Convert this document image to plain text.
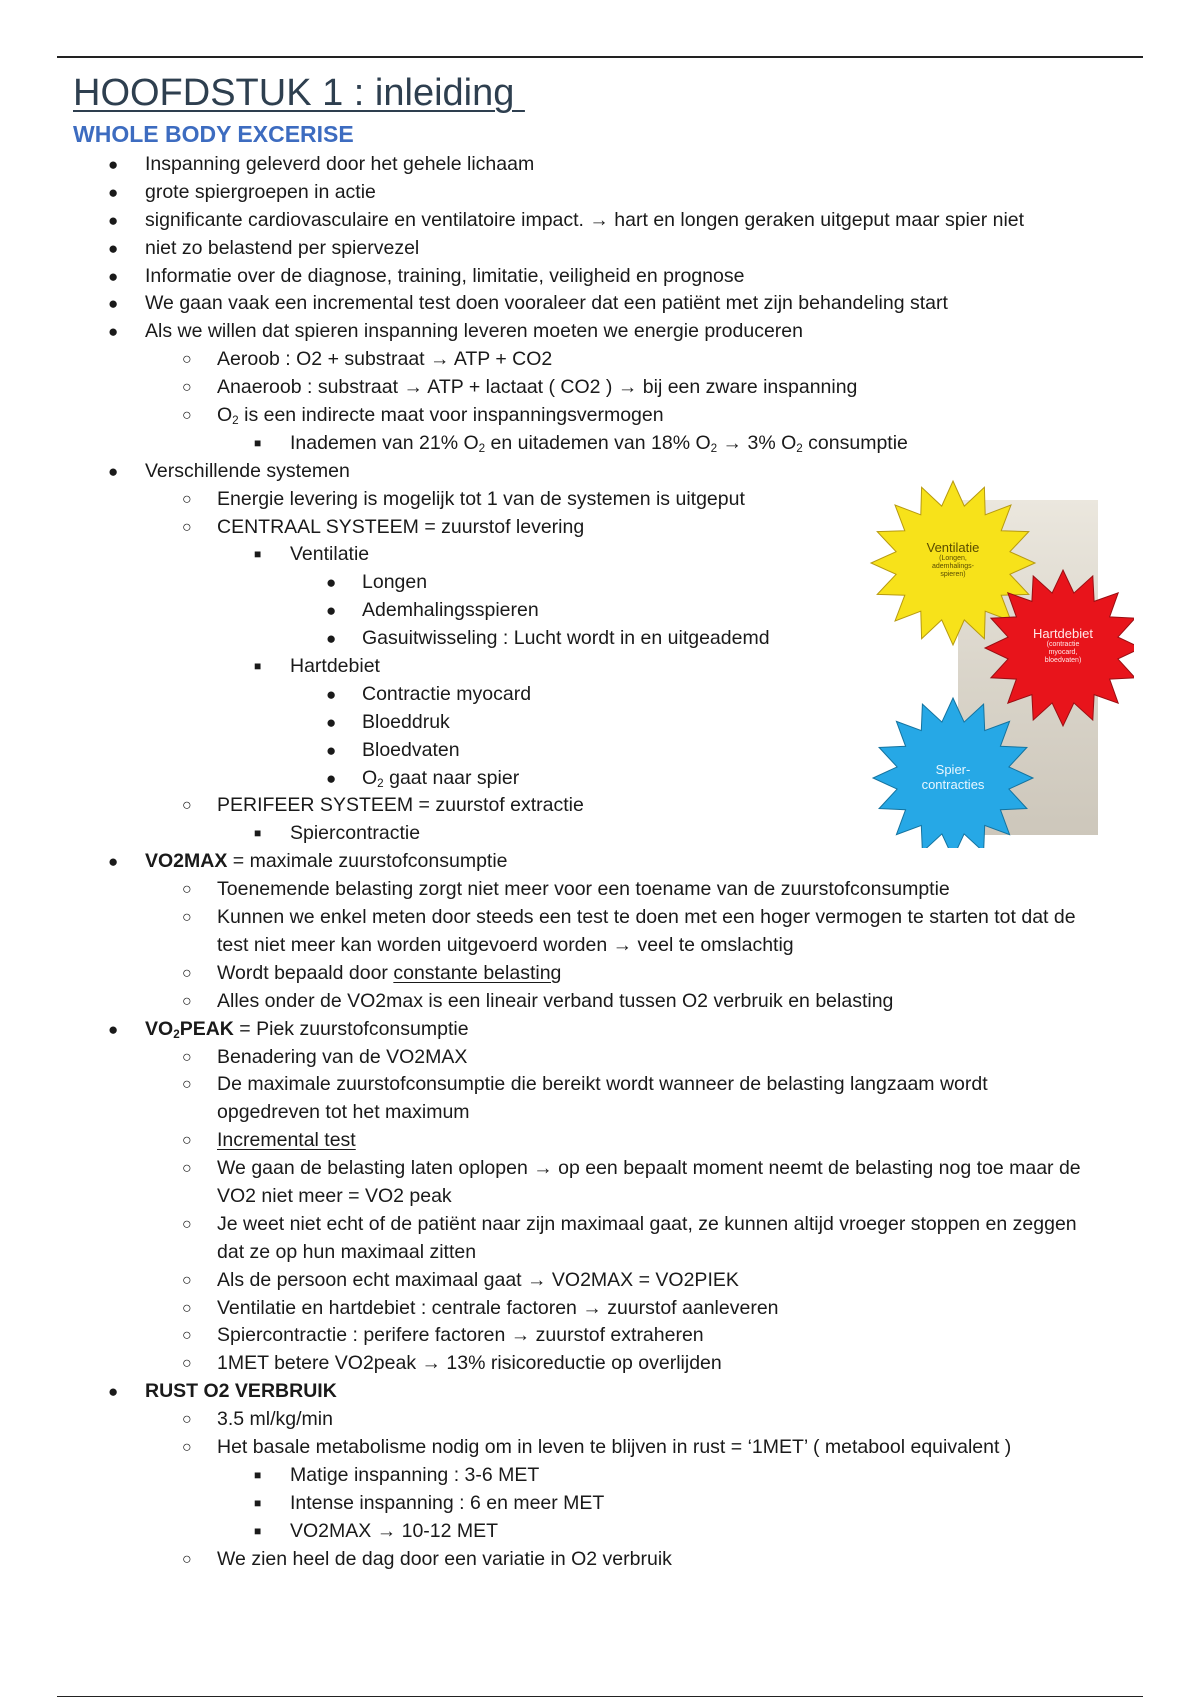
HOOFDSTUK 1 : inleiding
WHOLE BODY EXCERISE
● Inspanning geleverd door het gehele lichaam
● grote spiergroepen in actie
● significante cardiovasculaire en ventilatoire impact. → hart en longen geraken uitgeput maar spier niet
● niet zo belastend per spiervezel
● Informatie over de diagnose, training, limitatie, veiligheid en prognose
● We gaan vaak een incremental test doen vooraleer dat een patiënt met zijn behandeling start
● Als we willen dat spieren inspanning leveren moeten we energie produceren
○ Aeroob : O2 + substraat → ATP + CO2
○ Anaeroob : substraat → ATP + lactaat ( CO2 ) → bij een zware inspanning
○ $O_2$ is een indirecte maat voor inspanningsvermogen
■ Inademen van 21% $O_2$ en uitademen van 18% $O_2 \to 3\%$ $O_2$ consumptie
● Verschillende systemen
○ Energie levering is mogelijk tot 1 van de systemen is uitgeput
○ CENTRAAL SYSTEEM = zuurstof levering
■ Ventilatie
● Longen
● Ademhalingsspieren
● Gasuitwisseling : Lucht wordt in en uitgeademd
■ Hartdebiet
● Contractie myocard
● Bloeddruk
● Bloedvaten
● $O_2$ gaat naar spier
○ PERIFEER SYSTEEM = zuurstof extractie
■ Spiercontractie
● VO2MAX = maximale zuurstofconsumptie
○ Toenemende belasting zorgt niet meer voor een toename van de zuurstofconsumptie
○ Kunnen we enkel meten door steeds een test te doen met een hoger vermogen te starten tot dat de
test niet meer kan worden uitgevoerd worden → veel te omslachtig
○ Wordt bepaald door constante belasting
○ Alles onder de VO2max is een lineair verband tussen O2 verbruik en belasting
● $VO_2PEAK$ = Piek zuurstofconsumptie
○ Benadering van de VO2MAX
○ De maximale zuurstofconsumptie die bereikt wordt wanneer de belasting langzaam wordt
opgedreven tot het maximum
○ Incremental test
○ We gaan de belasting laten oplopen → op een bepaalt moment neemt de belasting nog toe maar de
VO2 niet meer = VO2 peak
○ Je weet niet echt of de patiënt naar zijn maximaal gaat, ze kunnen altijd vroeger stoppen en zeggen
dat ze op hun maximaal zitten
○ Als de persoon echt maximaal gaat → VO2MAX = VO2PIEK
○ Ventilatie en hartdebiet : centrale factoren → zuurstof aanleveren
○ Spiercontractie : perifere factoren → zuurstof extraheren
○ 1MET betere VO2peak → 13% risicoreductie op overlijden
● RUST O2 VERBRUIK
○ 3.5 ml/kg/min
○ Het basale metabolisme nodig om in leven te blijven in rust = ‘1MET’ ( metabool equivalent )
■ Matige inspanning : 3-6 MET
■ Intense inspanning : 6 en meer MET
■ VO2MAX → 10-12 MET
○ We zien heel de dag door een variatie in O2 verbruik
Ventilatie
(Longen,
ademhalings-
spieren)
Hartdebiet
(contractie
myocard,
bloedvaten)
Spier-
contracties
